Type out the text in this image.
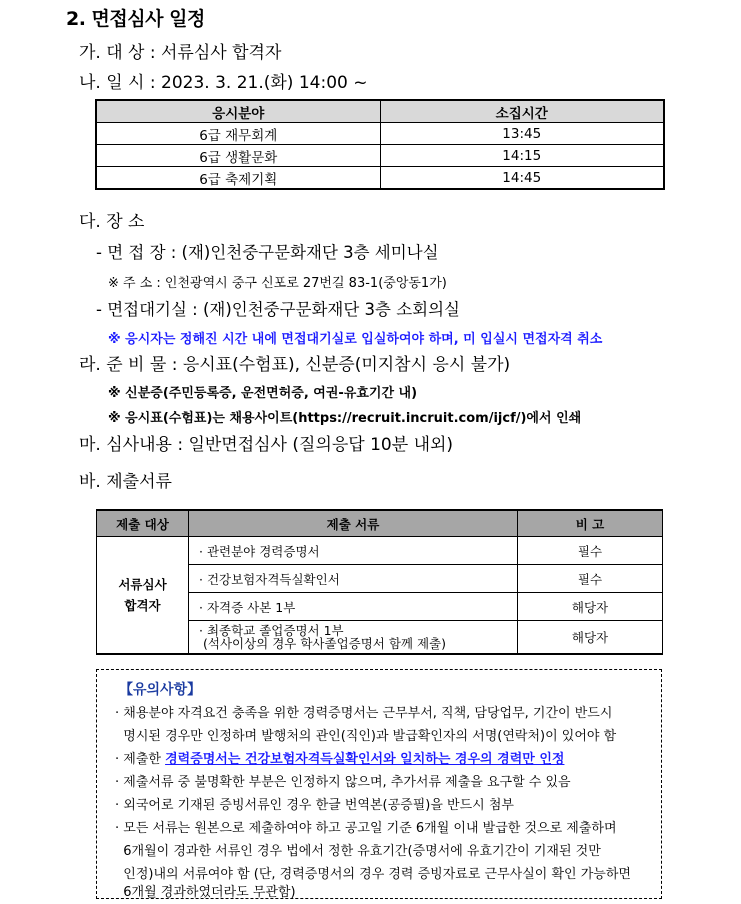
2. 면접심사 일정
가. 대 상 : 서류심사 합격자
나. 일 시 : 2023. 3. 21.(화) 14:00 ~
응시분야	소집시간
6급 재무회계	13:45
6급 생활문화	14:15
6급 축제기획	14:45
다. 장 소
- 면 접 장 : (재)인천중구문화재단 3층 세미나실
※ 주 소 : 인천광역시 중구 신포로 27번길 83-1(중앙동1가)
- 면접대기실 : (재)인천중구문화재단 3층 소회의실
※ 응시자는 정해진 시간 내에 면접대기실로 입실하여야 하며, 미 입실시 면접자격 취소
라. 준 비 물 : 응시표(수험표), 신분증(미지참시 응시 불가)
※ 신분증(주민등록증, 운전면허증, 여권-유효기간 내)
※ 응시표(수험표)는 채용사이트(https://recruit.incruit.com/ijcf/)에서 인쇄
마. 심사내용 : 일반면접심사 (질의응답 10분 내외)
바. 제출서류
제출 대상	제출 서류	비 고
서류심사
합격자	· 관련분야 경력증명서	필수
	· 건강보험자격득실확인서	필수
	· 자격증 사본 1부	해당자

	· 최종학교 졸업증명서 1부
(석사이상의 경우 학사졸업증명서 함께 제출)	해당자
【유의사항】
· 채용분야 자격요건 충족을 위한 경력증명서는 근무부서, 직책, 담당업무, 기간이 반드시
명시된 경우만 인정하며 발행처의 관인(직인)과 발급확인자의 서명(연락처)이 있어야 함
· 제출한 경력증명서는 건강보험자격득실확인서와 일치하는 경우의 경력만 인정
· 제출서류 중 불명확한 부분은 인정하지 않으며, 추가서류 제출을 요구할 수 있음
· 외국어로 기재된 증빙서류인 경우 한글 번역본(공증필)을 반드시 첨부
· 모든 서류는 원본으로 제출하여야 하고 공고일 기준 6개월 이내 발급한 것으로 제출하며
6개월이 경과한 서류인 경우 법에서 정한 유효기간(증명서에 유효기간이 기재된 것만
인정)내의 서류여야 함 (단, 경력증명서의 경우 경력 증빙자료로 근무사실이 확인 가능하면
6개월 경과하였더라도 무관함)
